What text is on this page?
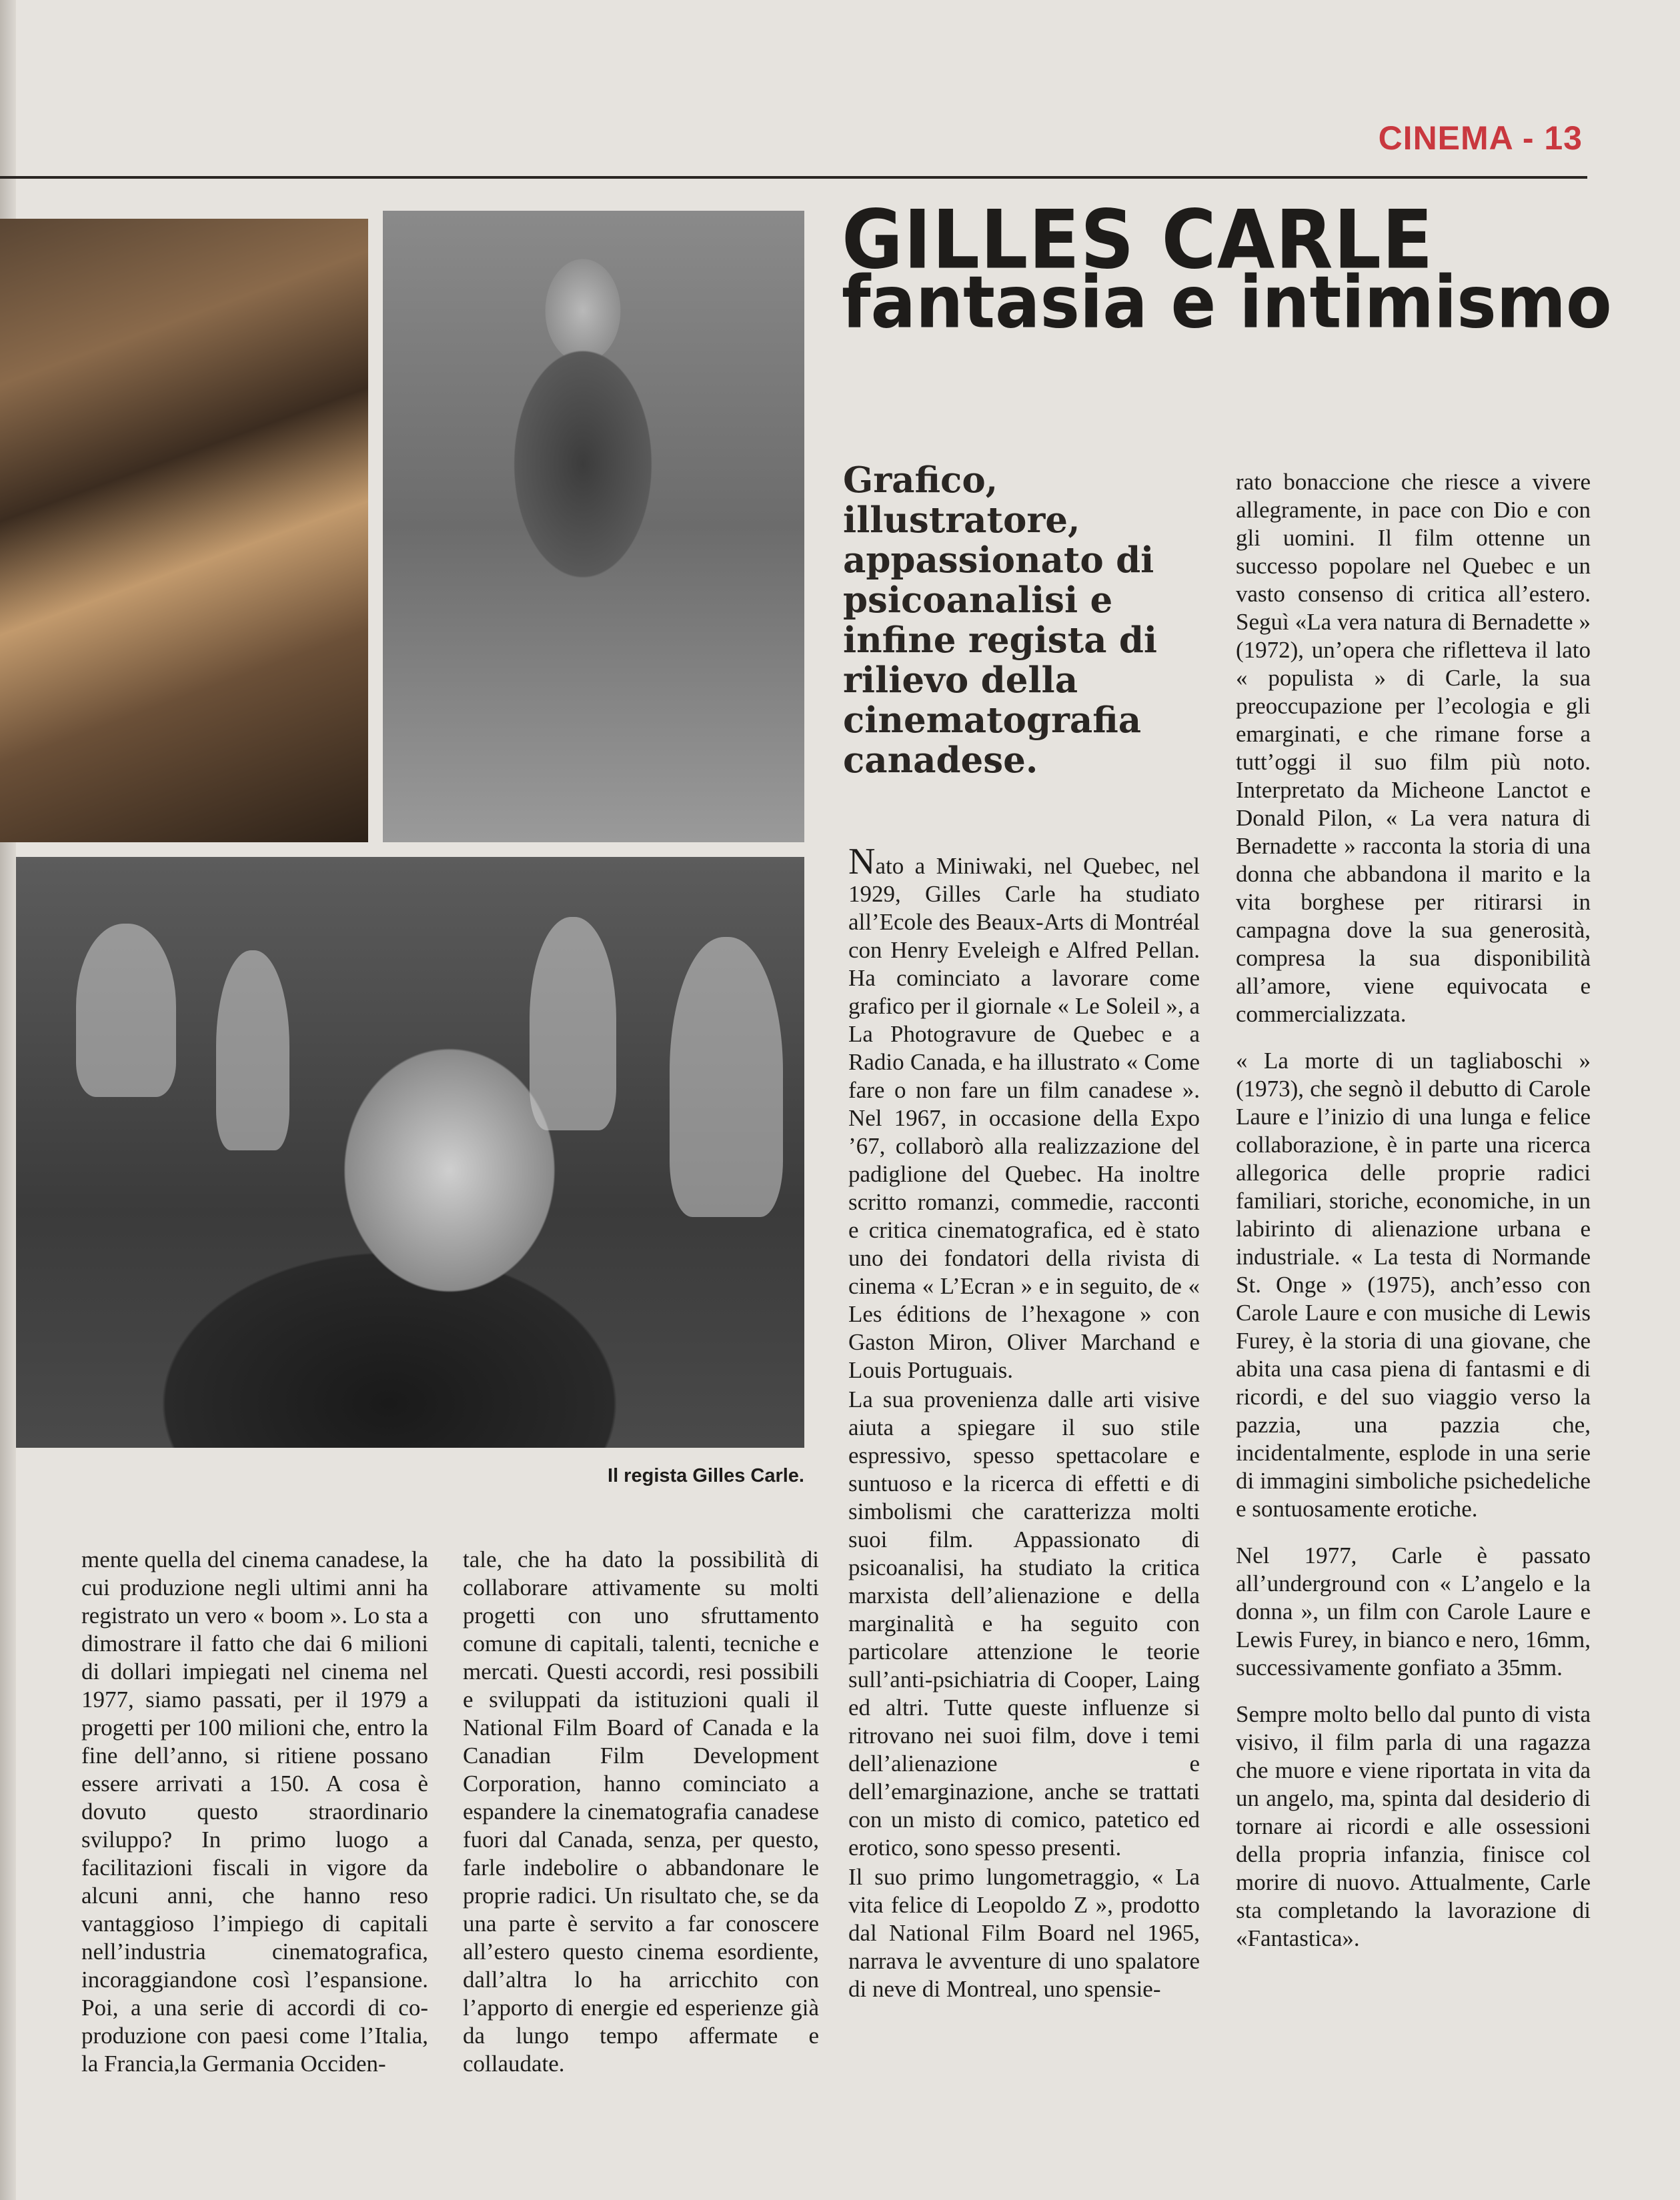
CINEMA - 13
Il regista Gilles Carle.
GILLES CARLE
fantasia e intimismo
Grafico, illustratore, appassionato di psicoanalisi e infine regista di rilievo della cinematografia canadese.

mente quella del cinema canadese, la cui produzione negli ultimi anni ha registrato un vero « boom ». Lo sta a dimostrare il fatto che dai 6 milioni di dollari impiegati nel cinema nel 1977, siamo passati, per il 1979 a progetti per 100 milioni che, entro la fine dell’anno, si ritiene possano essere arrivati a 150. A cosa è dovuto questo straordinario sviluppo? In primo luogo a facilitazioni fiscali in vigore da alcuni anni, che hanno reso vantaggioso l’impiego di capitali nell’industria cinematografica, incoraggiandone così l’espansione. Poi, a una serie di accordi di co-produzione con paesi come l’Italia, la Francia,la Germania Occiden-

tale, che ha dato la possibilità di collaborare attivamente su molti progetti con uno sfruttamento comune di capitali, talenti, tecniche e mercati. Questi accordi, resi possibili e sviluppati da istituzioni quali il National Film Board of Canada e la Canadian Film Development Corporation, hanno cominciato a espandere la cinematografia canadese fuori dal Canada, senza, per questo, farle indebolire o abbandonare le proprie radici. Un risultato che, se da una parte è servito a far conoscere all’estero questo cinema esordiente, dall’altra lo ha arricchito con l’apporto di energie ed esperienze già da lungo tempo affermate e collaudate.

Nato a Miniwaki, nel Quebec, nel 1929, Gilles Carle ha studiato all’Ecole des Beaux-Arts di Montréal con Henry Eveleigh e Alfred Pellan. Ha cominciato a lavorare come grafico per il giornale « Le Soleil », a La Photogravure de Quebec e a Radio Canada, e ha illustrato « Come fare o non fare un film canadese ». Nel 1967, in occasione della Expo ’67, collaborò alla realizzazione del padiglione del Quebec. Ha inoltre scritto romanzi, commedie, racconti e critica cinematografica, ed è stato uno dei fondatori della rivista di cinema « L’Ecran » e in seguito, de « Les éditions de l’hexagone » con Gaston Miron, Oliver Marchand e Louis Portuguais.

La sua provenienza dalle arti visive aiuta a spiegare il suo stile espressivo, spesso spettacolare e suntuoso e la ricerca di effetti e di simbolismi che caratterizza molti suoi film. Appassionato di psicoanalisi, ha studiato la critica marxista dell’alienazione e della marginalità e ha seguito con particolare attenzione le teorie sull’anti-psichiatria di Cooper, Laing ed altri. Tutte queste influenze si ritrovano nei suoi film, dove i temi dell’alienazione e dell’emarginazione, anche se trattati con un misto di comico, patetico ed erotico, sono spesso presenti.

Il suo primo lungometraggio, « La vita felice di Leopoldo Z », prodotto dal National Film Board nel 1965, narrava le avventure di uno spalatore di neve di Montreal, uno spensie-

rato bonaccione che riesce a vivere allegramente, in pace con Dio e con gli uomini. Il film ottenne un successo popolare nel Quebec e un vasto consenso di critica all’estero. Seguì «La vera natura di Bernadette » (1972), un’opera che rifletteva il lato « populista » di Carle, la sua preoccupazione per l’ecologia e gli emarginati, e che rimane forse a tutt’oggi il suo film più noto. Interpretato da Micheone Lanctot e Donald Pilon, « La vera natura di Bernadette » racconta la storia di una donna che abbandona il marito e la vita borghese per ritirarsi in campagna dove la sua generosità, compresa la sua disponibilità all’amore, viene equivocata e commercializzata.

« La morte di un tagliaboschi » (1973), che segnò il debutto di Carole Laure e l’inizio di una lunga e felice collaborazione, è in parte una ricerca allegorica delle proprie radici familiari, storiche, economiche, in un labirinto di alienazione urbana e industriale. « La testa di Normande St. Onge » (1975), anch’esso con Carole Laure e con musiche di Lewis Furey, è la storia di una giovane, che abita una casa piena di fantasmi e di ricordi, e del suo viaggio verso la pazzia, una pazzia che, incidentalmente, esplode in una serie di immagini simboliche psichedeliche e sontuosamente erotiche.

Nel 1977, Carle è passato all’underground con « L’angelo e la donna », un film con Carole Laure e Lewis Furey, in bianco e nero, 16mm, successivamente gonfiato a 35mm.

Sempre molto bello dal punto di vista visivo, il film parla di una ragazza che muore e viene riportata in vita da un angelo, ma, spinta dal desiderio di tornare ai ricordi e alle ossessioni della propria infanzia, finisce col morire di nuovo. Attualmente, Carle sta completando la lavorazione di «Fantastica».
